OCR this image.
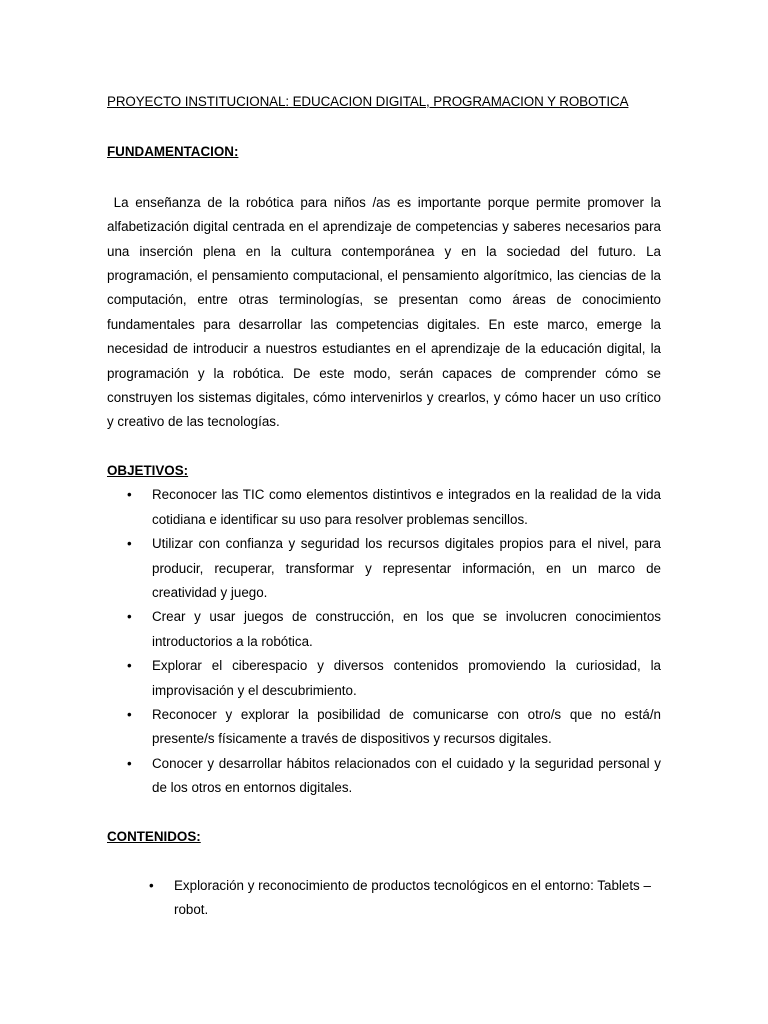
PROYECTO INSTITUCIONAL: EDUCACION DIGITAL, PROGRAMACION Y ROBOTICA

FUNDAMENTACION:

La enseñanza de la robótica para niños /as es importante porque permite promover la alfabetización digital centrada en el aprendizaje de competencias y saberes necesarios para una inserción plena en la cultura contemporánea y en la sociedad del futuro. La programación, el pensamiento computacional, el pensamiento algorítmico, las ciencias de la computación, entre otras terminologías, se presentan como áreas de conocimiento fundamentales para desarrollar las competencias digitales. En este marco, emerge la necesidad de introducir a nuestros estudiantes en el aprendizaje de la educación digital, la programación y la robótica. De este modo, serán capaces de comprender cómo se construyen los sistemas digitales, cómo intervenirlos y crearlos, y cómo hacer un uso crítico y creativo de las tecnologías.

OBJETIVOS:

• Reconocer las TIC como elementos distintivos e integrados en la realidad de la vida cotidiana e identificar su uso para resolver problemas sencillos.
• Utilizar con confianza y seguridad los recursos digitales propios para el nivel, para producir, recuperar, transformar y representar información, en un marco de creatividad y juego.
• Crear y usar juegos de construcción, en los que se involucren conocimientos introductorios a la robótica.
• Explorar el ciberespacio y diversos contenidos promoviendo la curiosidad, la improvisación y el descubrimiento.
• Reconocer y explorar la posibilidad de comunicarse con otro/s que no está/n presente/s físicamente a través de dispositivos y recursos digitales.
• Conocer y desarrollar hábitos relacionados con el cuidado y la seguridad personal y de los otros en entornos digitales.

CONTENIDOS:

• Exploración y reconocimiento de productos tecnológicos en el entorno: Tablets – robot.
